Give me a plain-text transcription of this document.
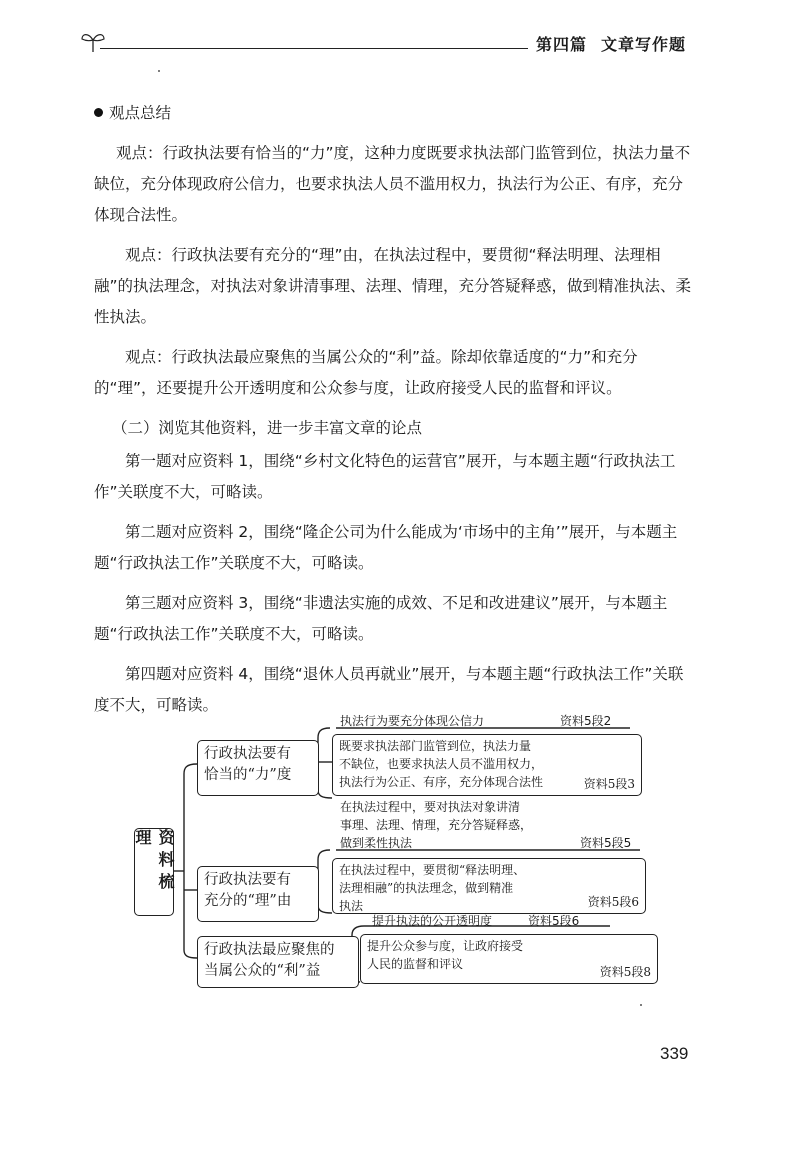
第四篇 文章写作题

观点总结

观点：行政执法要有恰当的“力”度，这种力度既要求执法部门监管到位，执法力量不缺位，充分体现政府公信力，也要求执法人员不滥用权力，执法行为公正、有序，充分体现合法性。

观点：行政执法要有充分的“理”由，在执法过程中，要贯彻“释法明理、法理相融”的执法理念，对执法对象讲清事理、法理、情理，充分答疑释惑，做到精准执法、柔性执法。

观点：行政执法最应聚焦的当属公众的“利”益。除却依靠适度的“力”和充分的“理”，还要提升公开透明度和公众参与度，让政府接受人民的监督和评议。

（二）浏览其他资料，进一步丰富文章的论点

第一题对应资料 1，围绕“乡村文化特色的运营官”展开，与本题主题“行政执法工作”关联度不大，可略读。

第二题对应资料 2，围绕“隆企公司为什么能成为‘市场中的主角’”展开，与本题主题“行政执法工作”关联度不大，可略读。

第三题对应资料 3，围绕“非遗法实施的成效、不足和改进建议”展开，与本题主题“行政执法工作”关联度不大，可略读。

第四题对应资料 4，围绕“退休人员再就业”展开，与本题主题“行政执法工作”关联度不大，可略读。

资料梳理
行政执法要有
恰当的“力”度
执法行为要充分体现公信力	资料5段2
既要求执法部门监管到位，执法力量
不缺位，也要求执法人员不滥用权力，
执法行为公正、有序，充分体现合法性	资料5段3
行政执法要有
充分的“理”由
在执法过程中，要对执法对象讲清
事理、法理、情理，充分答疑释惑，
做到柔性执法	资料5段5
在执法过程中，要贯彻“释法明理、
法理相融”的执法理念，做到精准
执法	资料5段6
行政执法最应聚焦的
当属公众的“利”益
提升执法的公开透明度	资料5段6
提升公众参与度，让政府接受
人民的监督和评议
资料5段8
339
